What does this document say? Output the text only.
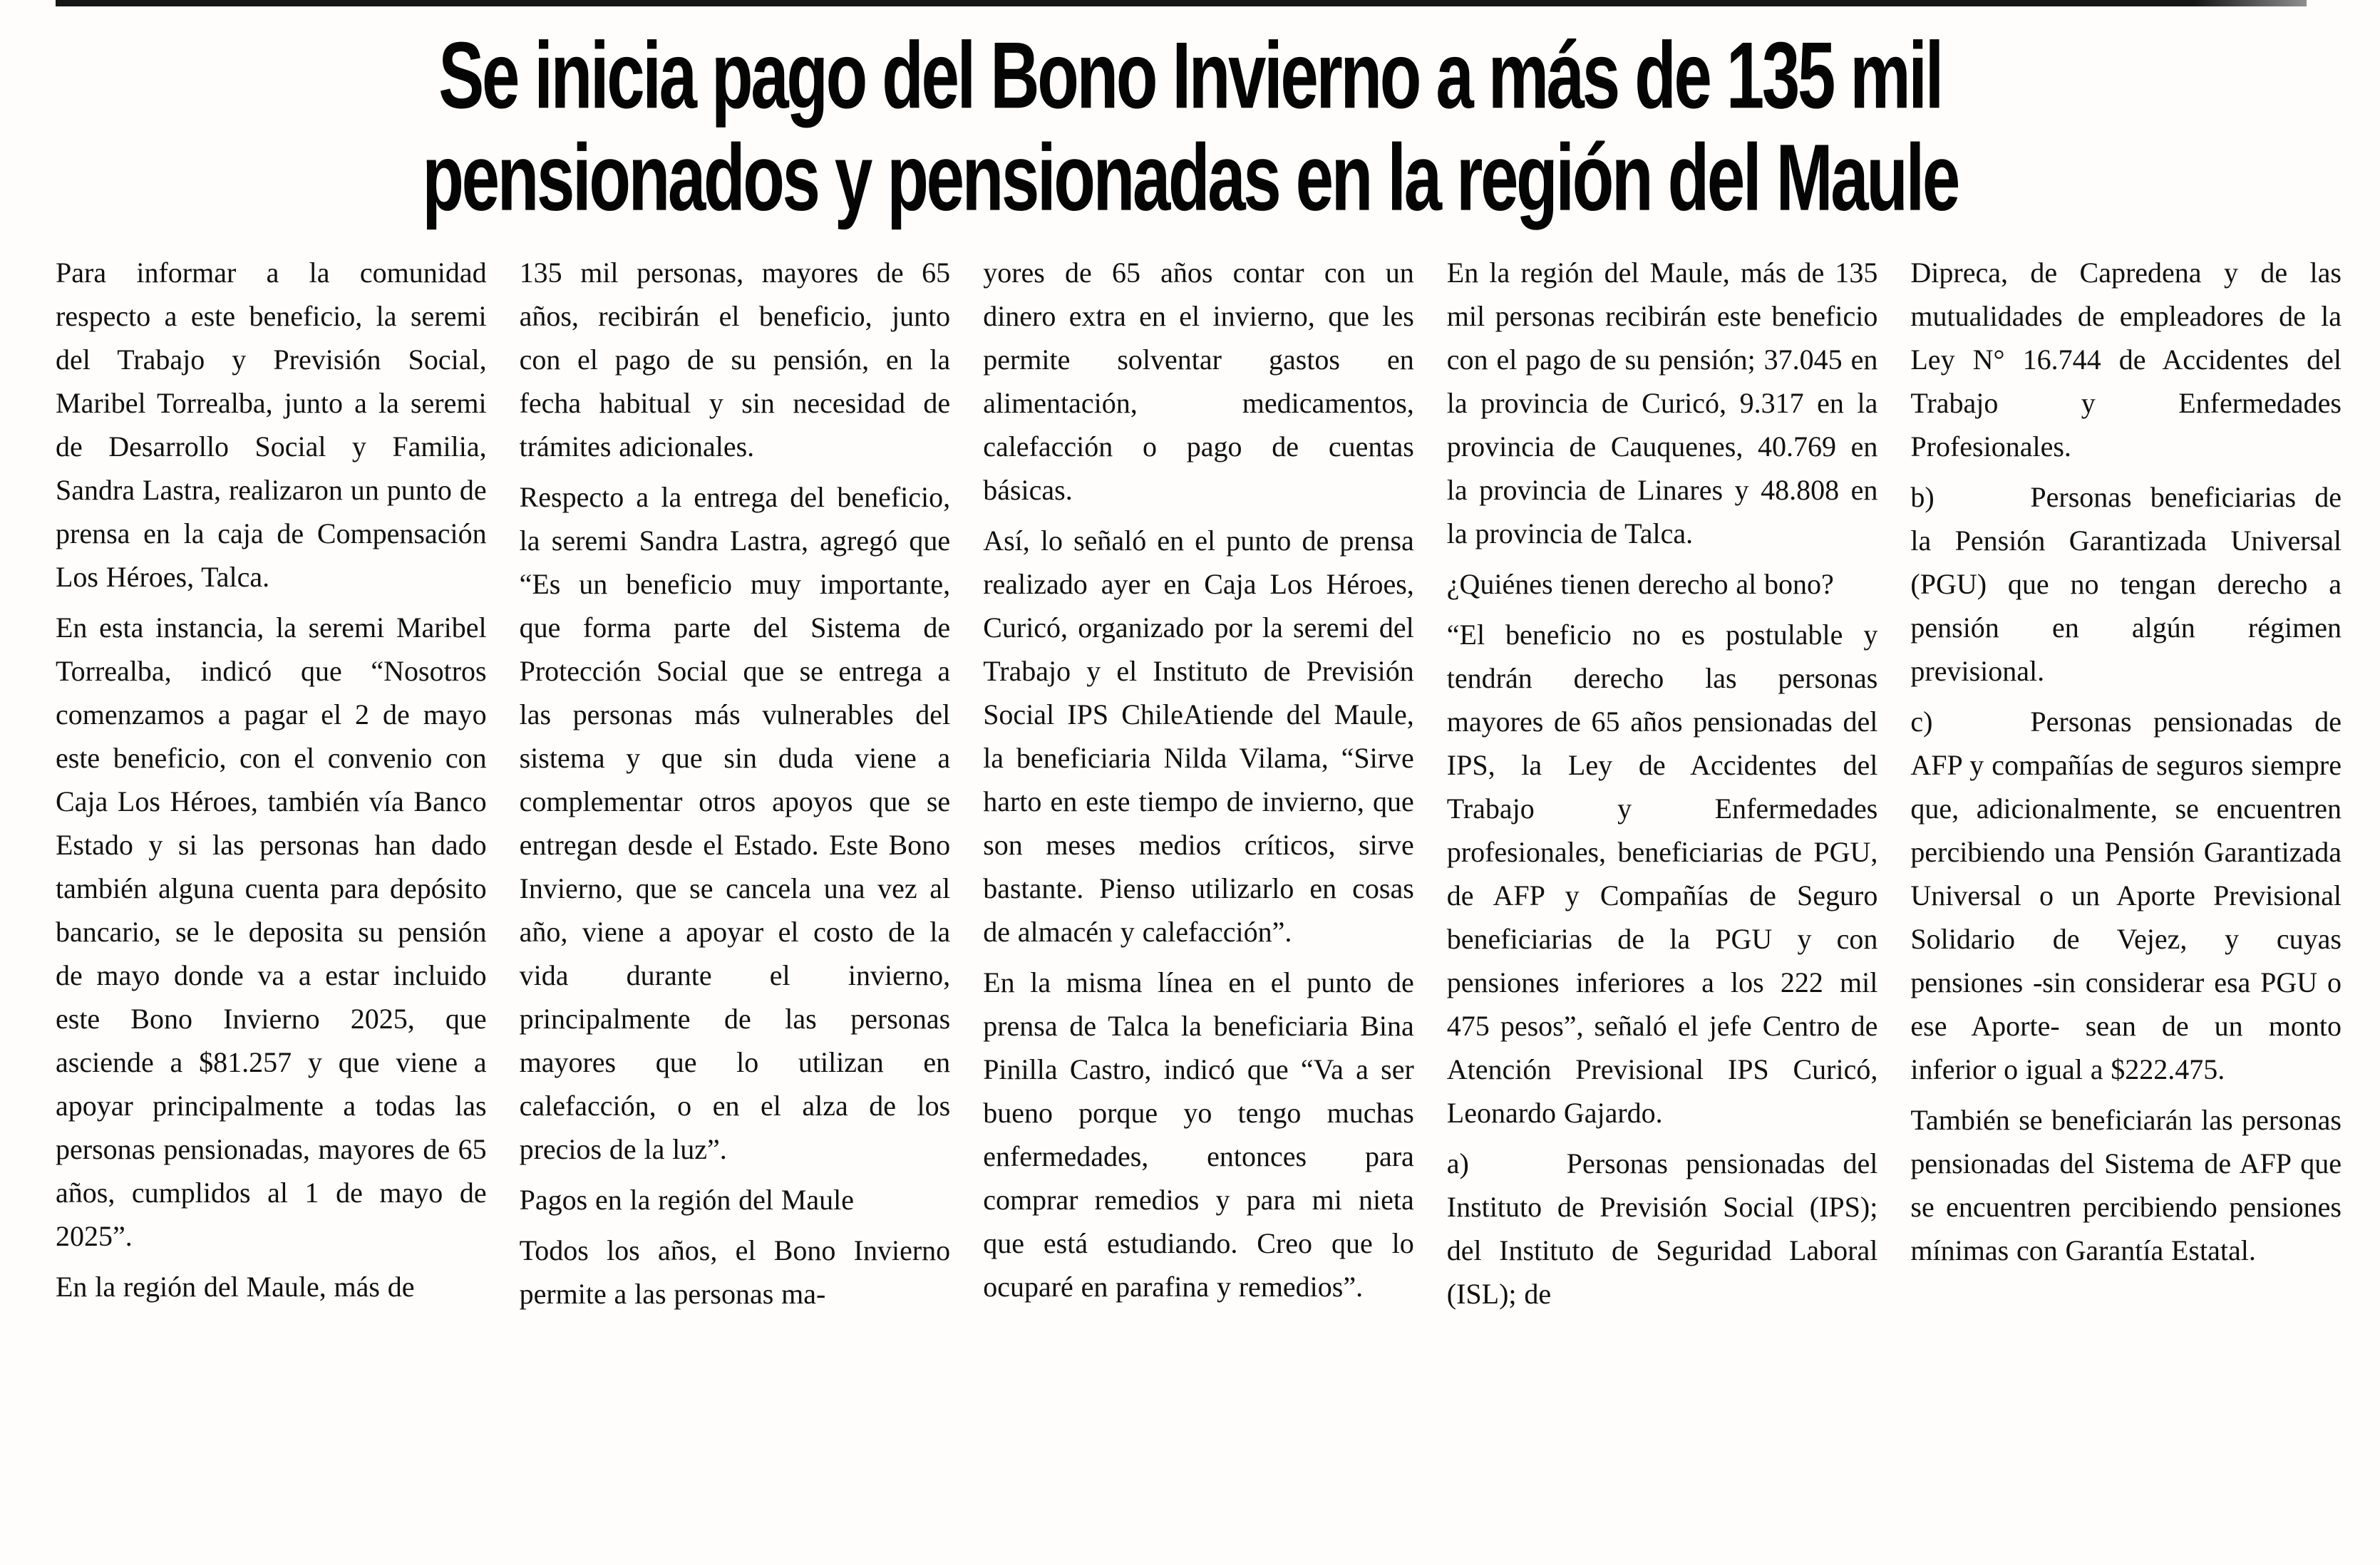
Se inicia pago del Bono Invierno a más de 135 mil
pensionados y pensionadas en la región del Maule

Para informar a la comunidad respecto a este beneficio, la seremi del Trabajo y Previsión Social, Maribel Torrealba, junto a la seremi de Desarrollo Social y Familia, Sandra Lastra, realizaron un punto de prensa en la caja de Compensación Los Héroes, Talca.

En esta instancia, la seremi Maribel Torrealba, indicó que “Nosotros comenzamos a pagar el 2 de mayo este beneficio, con el convenio con Caja Los Héroes, también vía Banco Estado y si las personas han dado también alguna cuenta para depósito bancario, se le deposita su pensión de mayo donde va a estar incluido este Bono Invierno 2025, que asciende a $81.257 y que viene a apoyar principalmente a todas las personas pensionadas, mayores de 65 años, cumplidos al 1 de mayo de 2025”.

En la región del Maule, más de

135 mil personas, mayores de 65 años, recibirán el beneficio, junto con el pago de su pensión, en la fecha habitual y sin necesidad de trámites adicionales.

Respecto a la entrega del beneficio, la seremi Sandra Lastra, agregó que “Es un beneficio muy importante, que forma parte del Sistema de Protección Social que se entrega a las personas más vulnerables del sistema y que sin duda viene a complementar otros apoyos que se entregan desde el Estado. Este Bono Invierno, que se cancela una vez al año, viene a apoyar el costo de la vida durante el invierno, principalmente de las personas mayores que lo utilizan en calefacción, o en el alza de los precios de la luz”.

Pagos en la región del Maule

Todos los años, el Bono Invierno permite a las personas ma-

yores de 65 años contar con un dinero extra en el invierno, que les permite solventar gastos en alimentación, medicamentos, calefacción o pago de cuentas básicas.

Así, lo señaló en el punto de prensa realizado ayer en Caja Los Héroes, Curicó, organizado por la seremi del Trabajo y el Instituto de Previsión Social IPS ChileAtiende del Maule, la beneficiaria Nilda Vilama, “Sirve harto en este tiempo de invierno, que son meses medios críticos, sirve bastante. Pienso utilizarlo en cosas de almacén y calefacción”.

En la misma línea en el punto de prensa de Talca la beneficiaria Bina Pinilla Castro, indicó que “Va a ser bueno porque yo tengo muchas enfermedades, entonces para comprar remedios y para mi nieta que está estudiando. Creo que lo ocuparé en parafina y remedios”.

En la región del Maule, más de 135 mil personas recibirán este beneficio con el pago de su pensión; 37.045 en la provincia de Curicó, 9.317 en la provincia de Cauquenes, 40.769 en la provincia de Linares y 48.808 en la provincia de Talca.

¿Quiénes tienen derecho al bono?

“El beneficio no es postulable y tendrán derecho las personas mayores de 65 años pensionadas del IPS, la Ley de Accidentes del Trabajo y Enfermedades profesionales, beneficiarias de PGU, de AFP y Compañías de Seguro beneficiarias de la PGU y con pensiones inferiores a los 222 mil 475 pesos”, señaló el jefe Centro de Atención Previsional IPS Curicó, Leonardo Gajardo.

a)	Personas pensionadas del Instituto de Previsión Social (IPS); del Instituto de Seguridad Laboral (ISL); de

Dipreca, de Capredena y de las mutualidades de empleadores de la Ley N° 16.744 de Accidentes del Trabajo y Enfermedades Profesionales.

b)	Personas beneficiarias de la Pensión Garantizada Universal (PGU) que no tengan derecho a pensión en algún régimen previsional.

c)	Personas pensionadas de AFP y compañías de seguros siempre que, adicionalmente, se encuentren percibiendo una Pensión Garantizada Universal o un Aporte Previsional Solidario de Vejez, y cuyas pensiones -sin considerar esa PGU o ese Aporte- sean de un monto inferior o igual a $222.475.

También se beneficiarán las personas pensionadas del Sistema de AFP que se encuentren percibiendo pensiones mínimas con Garantía Estatal.
